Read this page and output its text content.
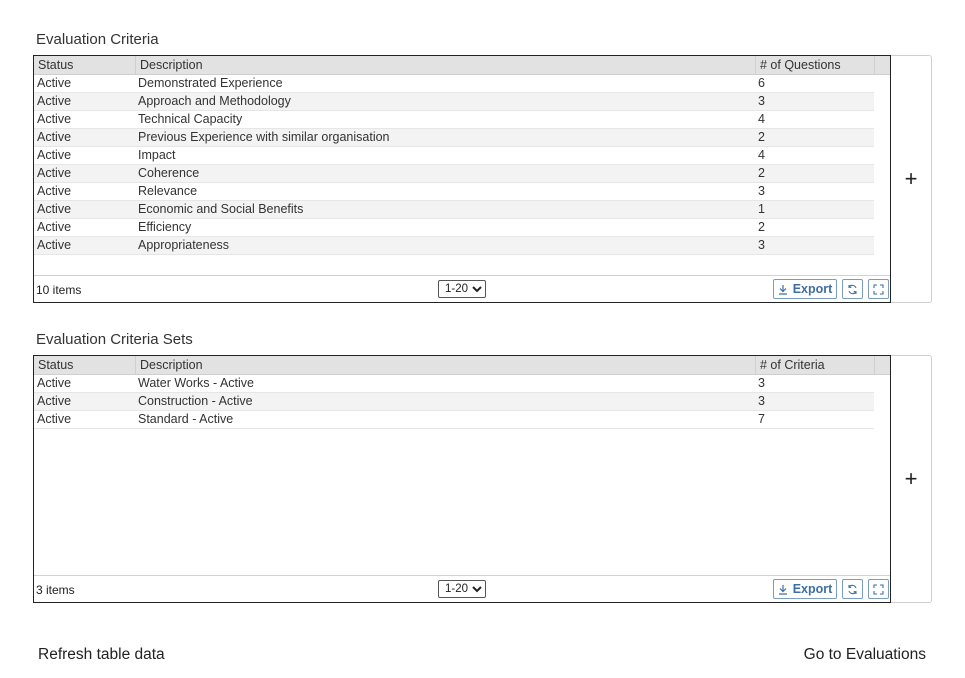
Evaluation Criteria
Status	Description	# of Questions
Active	Demonstrated Experience	6
Active	Approach and Methodology	3
Active	Technical Capacity	4
Active	Previous Experience with similar organisation	2
Active	Impact	4
Active	Coherence	2
Active	Relevance	3
Active	Economic and Social Benefits	1
Active	Efficiency	2
Active	Appropriateness	3
10 items
1-20	Export
+
Evaluation Criteria Sets
Status	Description	# of Criteria
Active	Water Works - Active	3
Active	Construction - Active	3
Active	Standard - Active	7
3 items
1-20	Export
+
Refresh table data	Go to Evaluations
